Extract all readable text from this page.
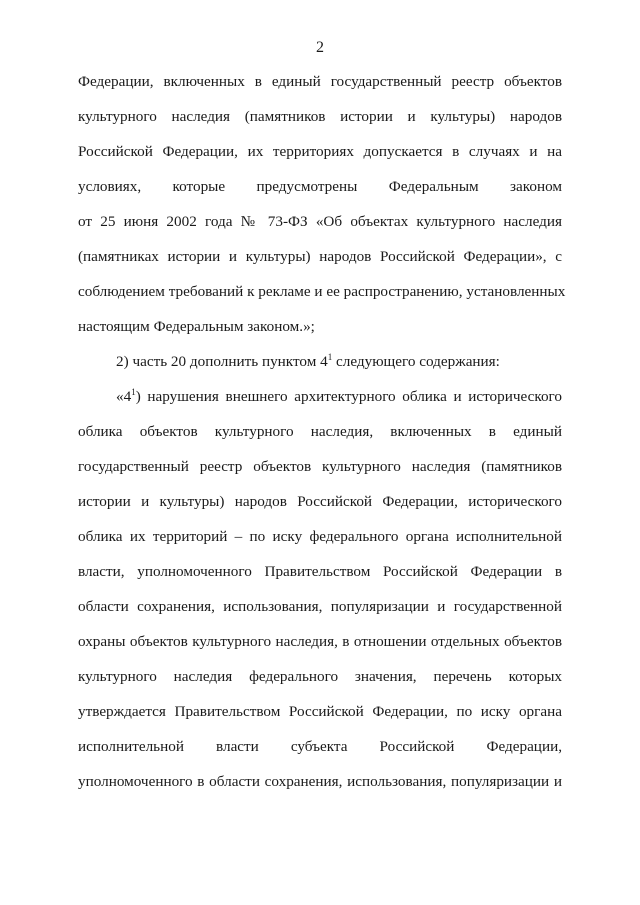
2
Федерации, включенных в единый государственный реестр объектов
культурного наследия (памятников истории и культуры) народов
Российской Федерации, их территориях допускается в случаях и на
условиях, которые предусмотрены Федеральным законом
от 25 июня 2002 года № 73-ФЗ «Об объектах культурного наследия
(памятниках истории и культуры) народов Российской Федерации», с
соблюдением требований к рекламе и ее распространению, установленных
настоящим Федеральным законом.»;
2) часть 20 дополнить пунктом $4^1$ следующего содержания:
«$4^1$) нарушения внешнего архитектурного облика и исторического
облика объектов культурного наследия, включенных в единый
государственный реестр объектов культурного наследия (памятников
истории и культуры) народов Российской Федерации, исторического
облика их территорий – по иску федерального органа исполнительной
власти, уполномоченного Правительством Российской Федерации в
области сохранения, использования, популяризации и государственной
охраны объектов культурного наследия, в отношении отдельных объектов
культурного наследия федерального значения, перечень которых
утверждается Правительством Российской Федерации, по иску органа
исполнительной власти субъекта Российской Федерации,
уполномоченного в области сохранения, использования, популяризации и
